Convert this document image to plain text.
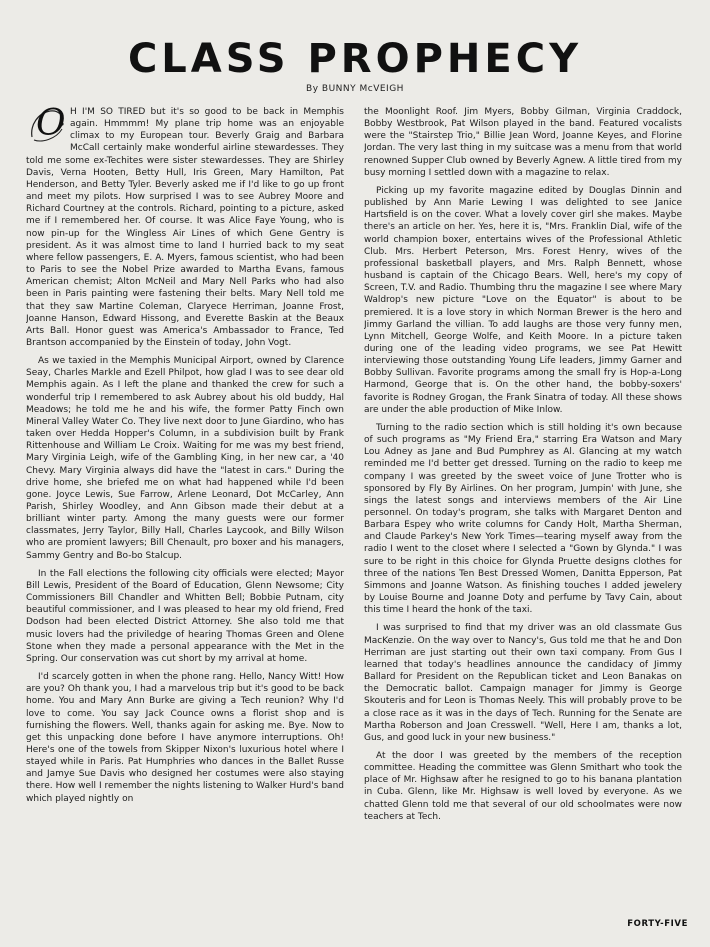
CLASS PROPHECY
By BUNNY McVEIGH

O H I'M SO TIRED but it's so good to be back in Memphis again. Hmmmm! My plane trip home was an enjoyable climax to my European tour. Beverly Graig and Barbara McCall certainly make wonderful airline stewardesses. They told me some ex-Techites were sister stewardesses. They are Shirley Davis, Verna Hooten, Betty Hull, Iris Green, Mary Hamilton, Pat Henderson, and Betty Tyler. Beverly asked me if I'd like to go up front and meet my pilots. How surprised I was to see Aubrey Moore and Richard Courtney at the controls. Richard, pointing to a picture, asked me if I remembered her. Of course. It was Alice Faye Young, who is now pin-up for the Wingless Air Lines of which Gene Gentry is president. As it was almost time to land I hurried back to my seat where fellow passengers, E. A. Myers, famous scientist, who had been to Paris to see the Nobel Prize awarded to Martha Evans, famous American chemist; Alton McNeil and Mary Nell Parks who had also been in Paris painting were fastening their belts. Mary Nell told me that they saw Martine Coleman, Claryece Herriman, Joanne Frost, Joanne Hanson, Edward Hissong, and Everette Baskin at the Beaux Arts Ball. Honor guest was America's Ambassador to France, Ted Brantson accompanied by the Einstein of today, John Vogt.

As we taxied in the Memphis Municipal Airport, owned by Clarence Seay, Charles Markle and Ezell Philpot, how glad I was to see dear old Memphis again. As I left the plane and thanked the crew for such a wonderful trip I remembered to ask Aubrey about his old buddy, Hal Meadows; he told me he and his wife, the former Patty Finch own Mineral Valley Water Co. They live next door to June Giardino, who has taken over Hedda Hopper's Column, in a subdivision built by Frank Rittenhouse and William Le Croix. Waiting for me was my best friend, Mary Virginia Leigh, wife of the Gambling King, in her new car, a '40 Chevy. Mary Virginia always did have the "latest in cars." During the drive home, she briefed me on what had happened while I'd been gone. Joyce Lewis, Sue Farrow, Arlene Leonard, Dot McCarley, Ann Parish, Shirley Woodley, and Ann Gibson made their debut at a brilliant winter party. Among the many guests were our former classmates, Jerry Taylor, Billy Hall, Charles Laycook, and Billy Wilson who are promient lawyers; Bill Chenault, pro boxer and his managers, Sammy Gentry and Bo-bo Stalcup.

In the Fall elections the following city officials were elected; Mayor Bill Lewis, President of the Board of Education, Glenn Newsome; City Commissioners Bill Chandler and Whitten Bell; Bobbie Putnam, city beautiful commissioner, and I was pleased to hear my old friend, Fred Dodson had been elected District Attorney. She also told me that music lovers had the priviledge of hearing Thomas Green and Olene Stone when they made a personal appearance with the Met in the Spring. Our conservation was cut short by my arrival at home.

I'd scarcely gotten in when the phone rang. Hello, Nancy Witt! How are you? Oh thank you, I had a marvelous trip but it's good to be back home. You and Mary Ann Burke are giving a Tech reunion? Why I'd love to come. You say Jack Counce owns a florist shop and is furnishing the flowers. Well, thanks again for asking me. Bye. Now to get this unpacking done before I have anymore interruptions. Oh! Here's one of the towels from Skipper Nixon's luxurious hotel where I stayed while in Paris. Pat Humphries who dances in the Ballet Russe and Jamye Sue Davis who designed her costumes were also staying there. How well I remember the nights listening to Walker Hurd's band which played nightly on

the Moonlight Roof. Jim Myers, Bobby Gilman, Virginia Craddock, Bobby Westbrook, Pat Wilson played in the band. Featured vocalists were the "Stairstep Trio," Billie Jean Word, Joanne Keyes, and Florine Jordan. The very last thing in my suitcase was a menu from that world renowned Supper Club owned by Beverly Agnew. A little tired from my busy morning I settled down with a magazine to relax.

Picking up my favorite magazine edited by Douglas Dinnin and published by Ann Marie Lewing I was delighted to see Janice Hartsfield is on the cover. What a lovely cover girl she makes. Maybe there's an article on her. Yes, here it is, "Mrs. Franklin Dial, wife of the world champion boxer, entertains wives of the Professional Athletic Club. Mrs. Herbert Peterson, Mrs. Forest Henry, wives of the professional basketball players, and Mrs. Ralph Bennett, whose husband is captain of the Chicago Bears. Well, here's my copy of Screen, T.V. and Radio. Thumbing thru the magazine I see where Mary Waldrop's new picture "Love on the Equator" is about to be premiered. It is a love story in which Norman Brewer is the hero and Jimmy Garland the villian. To add laughs are those very funny men, Lynn Mitchell, George Wolfe, and Keith Moore. In a picture taken during one of the leading video programs, we see Pat Hewitt interviewing those outstanding Young Life leaders, Jimmy Garner and Bobby Sullivan. Favorite programs among the small fry is Hop-a-Long Harmond, George that is. On the other hand, the bobby-soxers' favorite is Rodney Grogan, the Frank Sinatra of today. All these shows are under the able production of Mike Inlow.

Turning to the radio section which is still holding it's own because of such programs as "My Friend Era," starring Era Watson and Mary Lou Adney as Jane and Bud Pumphrey as Al. Glancing at my watch reminded me I'd better get dressed. Turning on the radio to keep me company I was greeted by the sweet voice of June Trotter who is sponsored by Fly By Airlines. On her program, Jumpin' with June, she sings the latest songs and interviews members of the Air Line personnel. On today's program, she talks with Margaret Denton and Barbara Espey who write columns for Candy Holt, Martha Sherman, and Claude Parkey's New York Times—tearing myself away from the radio I went to the closet where I selected a "Gown by Glynda." I was sure to be right in this choice for Glynda Pruette designs clothes for three of the nations Ten Best Dressed Women, Danitta Epperson, Pat Simmons and Joanne Watson. As finishing touches I added jewelery by Louise Bourne and Joanne Doty and perfume by Tavy Cain, about this time I heard the honk of the taxi.

I was surprised to find that my driver was an old classmate Gus MacKenzie. On the way over to Nancy's, Gus told me that he and Don Herriman are just starting out their own taxi company. From Gus I learned that today's headlines announce the candidacy of Jimmy Ballard for President on the Republican ticket and Leon Banakas on the Democratic ballot. Campaign manager for Jimmy is George Skouteris and for Leon is Thomas Neely. This will probably prove to be a close race as it was in the days of Tech. Running for the Senate are Martha Roberson and Joan Cresswell. "Well, Here I am, thanks a lot, Gus, and good luck in your new business."

At the door I was greeted by the members of the reception committee. Heading the committee was Glenn Smithart who took the place of Mr. Highsaw after he resigned to go to his banana plantation in Cuba. Glenn, like Mr. Highsaw is well loved by everyone. As we chatted Glenn told me that several of our old schoolmates were now teachers at Tech.

FORTY-FIVE
